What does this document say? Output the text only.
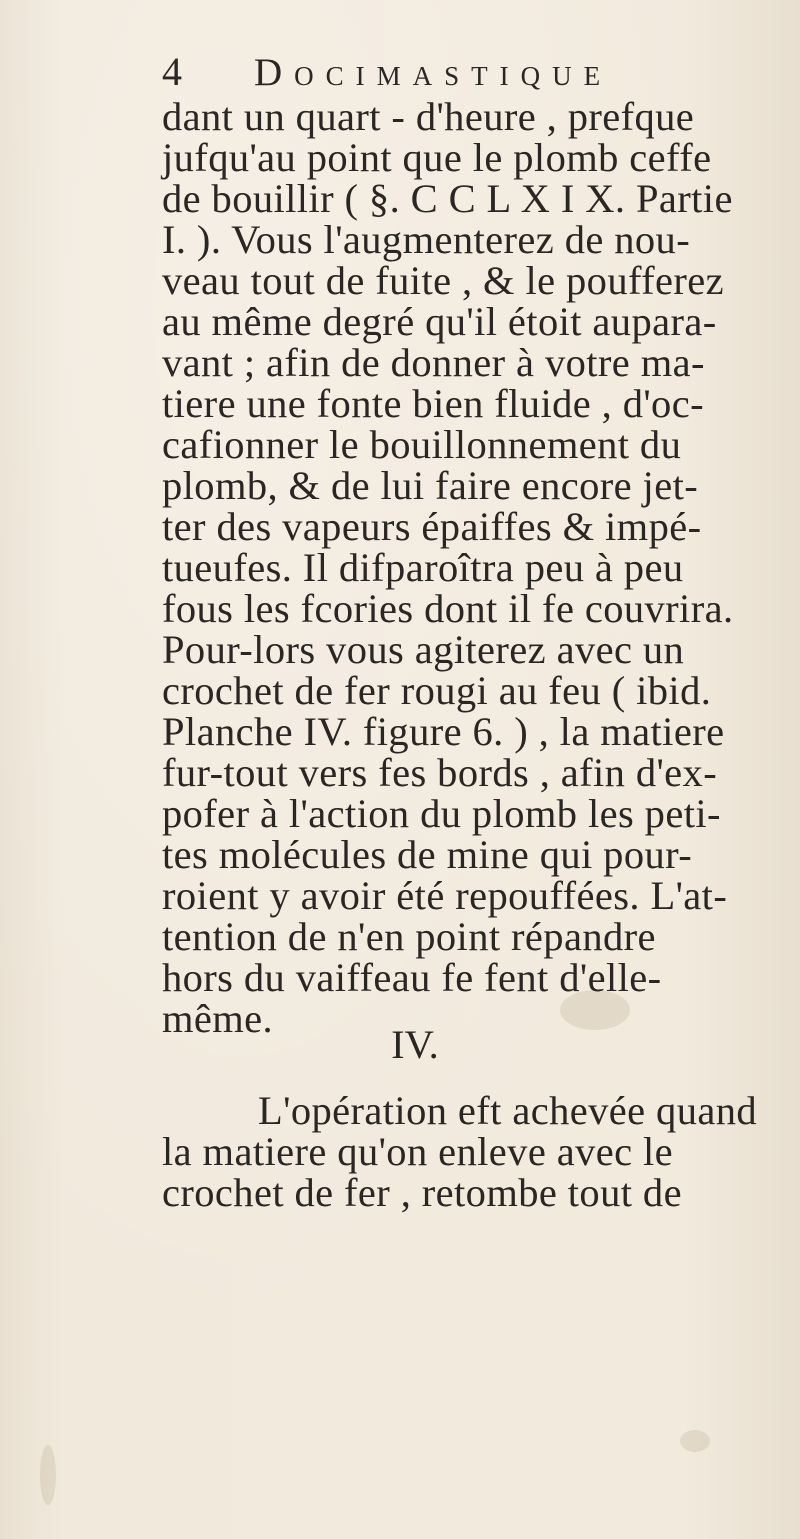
4	Docimastique
dant un quart - d'heure , prefque
jufqu'au point que le plomb ceffe
de bouillir ( §. C C L X I X. Partie
I. ). Vous l'augmenterez de nou-
veau tout de fuite , & le poufferez
au même degré qu'il étoit aupara-
vant ; afin de donner à votre ma-
tiere une fonte bien fluide , d'oc-
cafionner le bouillonnement du
plomb, & de lui faire encore jet-
ter des vapeurs épaiffes & impé-
tueufes. Il difparoîtra peu à peu
fous les fcories dont il fe couvrira.
Pour-lors vous agiterez avec un
crochet de fer rougi au feu ( ibid.
Planche IV. figure 6. ) , la matiere
fur-tout vers fes bords , afin d'ex-
pofer à l'action du plomb les peti-
tes molécules de mine qui pour-
roient y avoir été repouffées. L'at-
tention de n'en point répandre
hors du vaiffeau fe fent d'elle-
même.
IV.
L'opération eft achevée quand
la matiere qu'on enleve avec le
crochet de fer , retombe tout de
